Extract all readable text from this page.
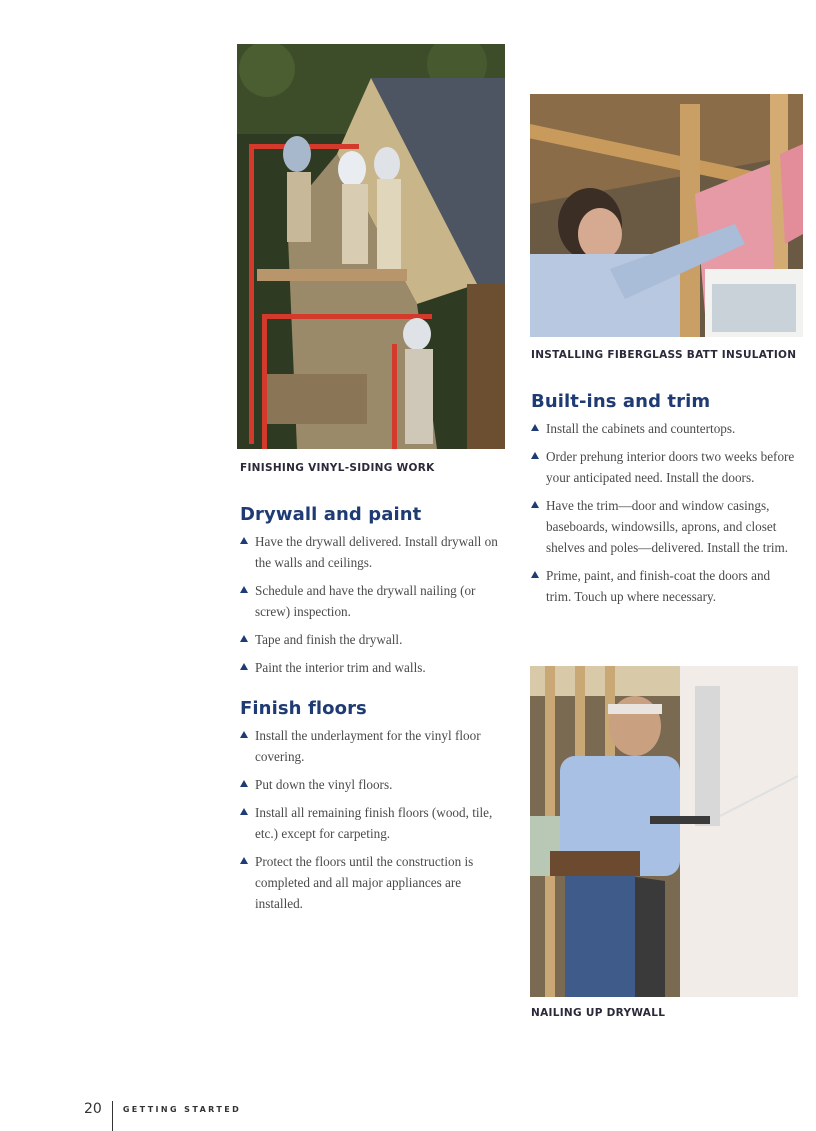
FINISHING VINYL-SIDING WORK
INSTALLING FIBERGLASS BATT INSULATION
NAILING UP DRYWALL
Drywall and paint
Have the drywall delivered. Install drywall on the walls and ceilings.
Schedule and have the drywall nailing (or screw) inspection.
Tape and finish the drywall.
Paint the interior trim and walls.
Finish floors
Install the underlayment for the vinyl floor covering.
Put down the vinyl floors.
Install all remaining finish floors (wood, tile, etc.) except for carpeting.
Protect the floors until the construction is completed and all major appliances are installed.
Built-ins and trim
Install the cabinets and countertops.
Order prehung interior doors two weeks before your anticipated need. Install the doors.
Have the trim—door and window casings, baseboards, windowsills, aprons, and closet shelves and poles—delivered. Install the trim.
Prime, paint, and finish-coat the doors and trim. Touch up where necessary.
20	GETTING STARTED
